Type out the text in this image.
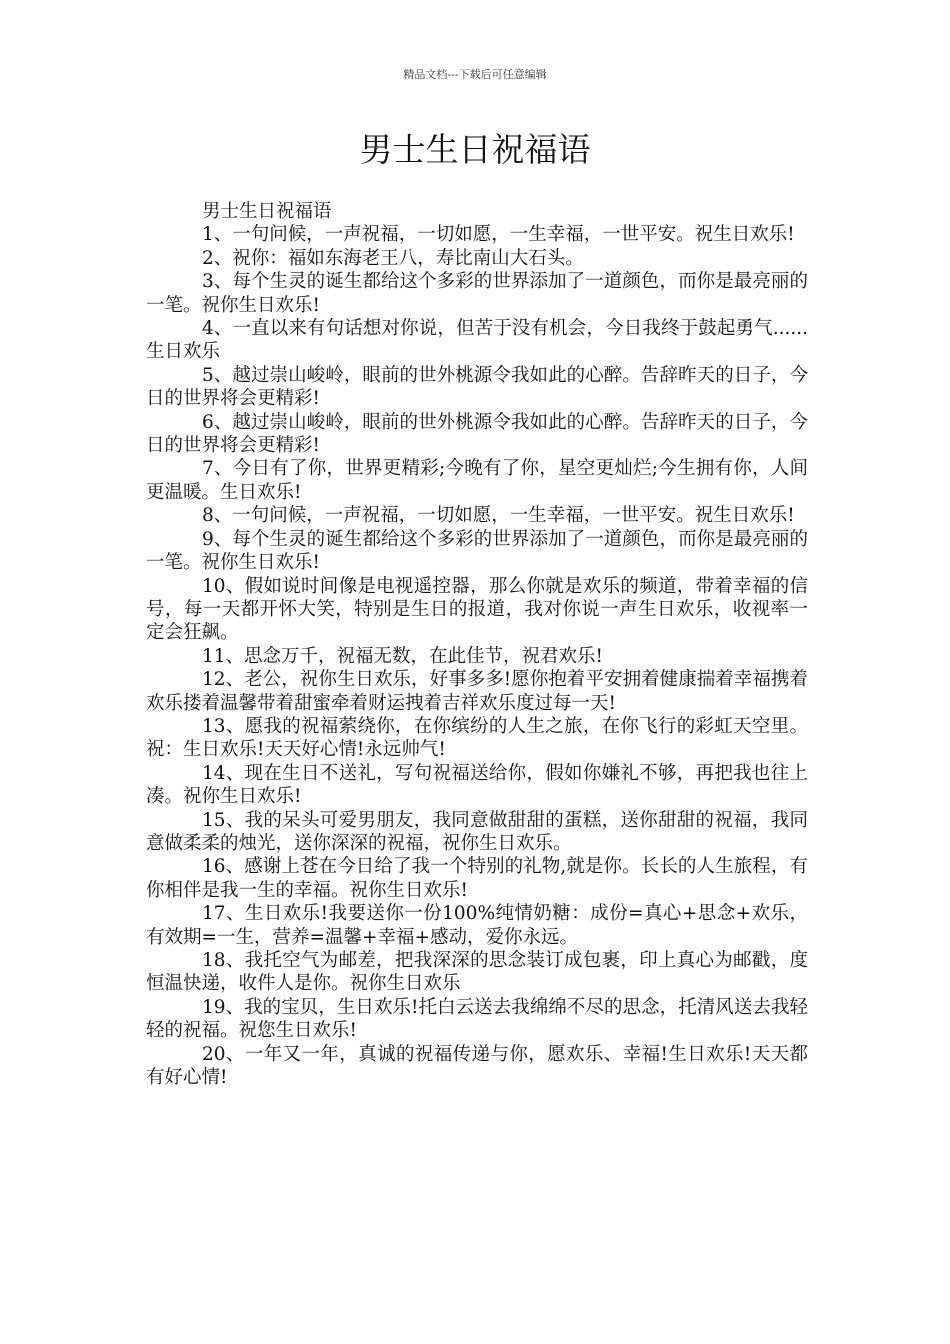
精品文档---下载后可任意编辑
男士生日祝福语

男士生日祝福语

1、一句问候，一声祝福，一切如愿，一生幸福，一世平安。祝生日欢乐!

2、祝你：福如东海老王八，寿比南山大石头。

3、每个生灵的诞生都给这个多彩的世界添加了一道颜色，而你是最亮丽的一笔。祝你生日欢乐!

4、一直以来有句话想对你说，但苦于没有机会，今日我终于鼓起勇气......生日欢乐

5、越过崇山峻岭，眼前的世外桃源令我如此的心醉。告辞昨天的日子，今日的世界将会更精彩!

6、越过崇山峻岭，眼前的世外桃源令我如此的心醉。告辞昨天的日子，今日的世界将会更精彩!

7、今日有了你，世界更精彩;今晚有了你，星空更灿烂;今生拥有你，人间更温暖。生日欢乐!

8、一句问候，一声祝福，一切如愿，一生幸福，一世平安。祝生日欢乐!

9、每个生灵的诞生都给这个多彩的世界添加了一道颜色，而你是最亮丽的一笔。祝你生日欢乐!

10、假如说时间像是电视遥控器，那么你就是欢乐的频道，带着幸福的信号，每一天都开怀大笑，特别是生日的报道，我对你说一声生日欢乐，收视率一定会狂飙。

11、思念万千，祝福无数，在此佳节，祝君欢乐!

12、老公，祝你生日欢乐，好事多多!愿你抱着平安拥着健康揣着幸福携着欢乐搂着温馨带着甜蜜牵着财运拽着吉祥欢乐度过每一天!

13、愿我的祝福萦绕你，在你缤纷的人生之旅，在你飞行的彩虹天空里。祝：生日欢乐!天天好心情!永远帅气!

14、现在生日不送礼，写句祝福送给你，假如你嫌礼不够，再把我也往上凑。祝你生日欢乐!

15、我的呆头可爱男朋友，我同意做甜甜的蛋糕，送你甜甜的祝福，我同意做柔柔的烛光，送你深深的祝福，祝你生日欢乐。

16、感谢上苍在今日给了我一个特别的礼物,就是你。长长的人生旅程，有你相伴是我一生的幸福。祝你生日欢乐!

17、生日欢乐!我要送你一份100%纯情奶糖：成份=真心+思念+欢乐，有效期=一生，营养=温馨+幸福+感动，爱你永远。

18、我托空气为邮差，把我深深的思念装订成包裹，印上真心为邮戳，度恒温快递，收件人是你。祝你生日欢乐

19、我的宝贝，生日欢乐!托白云送去我绵绵不尽的思念，托清风送去我轻轻的祝福。祝您生日欢乐!

20、一年又一年，真诚的祝福传递与你，愿欢乐、幸福!生日欢乐!天天都有好心情!
